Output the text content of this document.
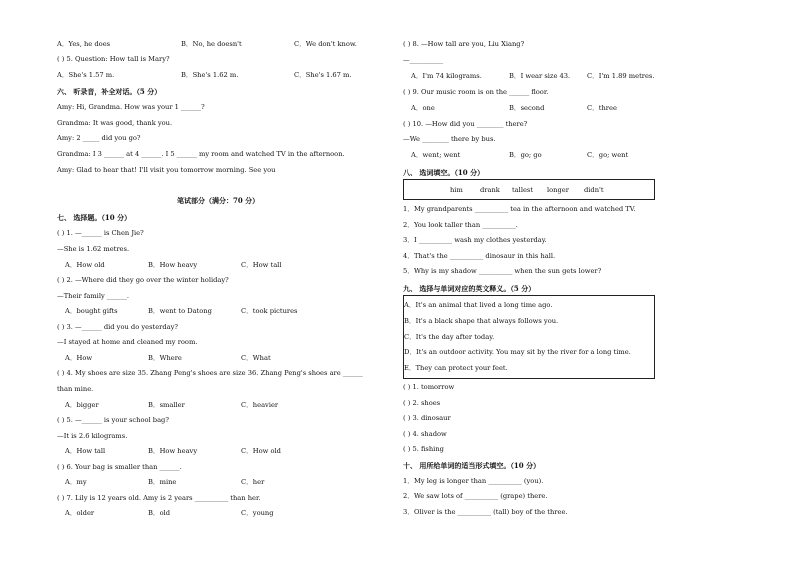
A．Yes, he does	B．No, he doesn't	C．We don't know.
( ) 5. Question: How tall is Mary?
A．She's 1.57 m.	B．She's 1.62 m.	C．She's 1.67 m.
六、 听录音，补全对话。（5 分）
Amy: Hi, Grandma. How was your 1 ______?
Grandma: It was good, thank you.
Amy: 2 _____ did you go?
Grandma: I 3 ______ at 4 ______. I 5 ______ my room and watched TV in the afternoon.
Amy: Glad to hear that! I'll visit you tomorrow morning. See you
笔试部分（满分：70 分）
七、 选择题。（10 分）
( ) 1. —______ is Chen Jie?
—She is 1.62 metres.
A．How old	B．How heavy	C．How tall
( ) 2. —Where did they go over the winter holiday?
—Their family ______.
A．bought gifts	B．went to Datong	C．took pictures
( ) 3. —______ did you do yesterday?
—I stayed at home and cleaned my room.
A．How	B．Where	C．What
( ) 4. My shoes are size 35. Zhang Peng's shoes are size 36. Zhang Peng's shoes are ______
than mine.
A．bigger	B．smaller	C．heavier
( ) 5. —______ is your school bag?
—It is 2.6 kilograms.
A．How tall	B．How heavy	C．How old
( ) 6. Your bag is smaller than ______.
A．my	B．mine	C．her
( ) 7. Lily is 12 years old. Amy is 2 years __________ than her.
A．older	B．old	C．young
( ) 8. —How tall are you, Liu Xiang?
—__________
A．I'm 74 kilograms.	B．I wear size 43.	C．I'm 1.89 metres.
( ) 9. Our music room is on the ______ floor.
A．one	B．second	C．three
( ) 10. —How did you ________ there?
—We ________ there by bus.
A．went; went	B．go; go	C．go; went
八、 选词填空。（10 分）
him	drank tallest longer didn't
1．My grandparents __________ tea in the afternoon and watched TV.
2．You look taller than __________.
3．I __________ wash my clothes yesterday.
4．That's the __________ dinosaur in this hall.
5．Why is my shadow __________ when the sun gets lower?
九、 选择与单词对应的英文释义。（5 分）
A．It's an animal that lived a long time ago.
B．It's a black shape that always follows you.
C．It's the day after today.
D．It's an outdoor activity. You may sit by the river for a long time.
E．They can protect your feet.
( ) 1. tomorrow
( ) 2. shoes
( ) 3. dinosaur
( ) 4. shadow
( ) 5. fishing
十、 用所给单词的适当形式填空。（10 分）
1．My leg is longer than __________ (you).
2．We saw lots of __________ (grape) there.
3．Oliver is the __________ (tall) boy of the three.
